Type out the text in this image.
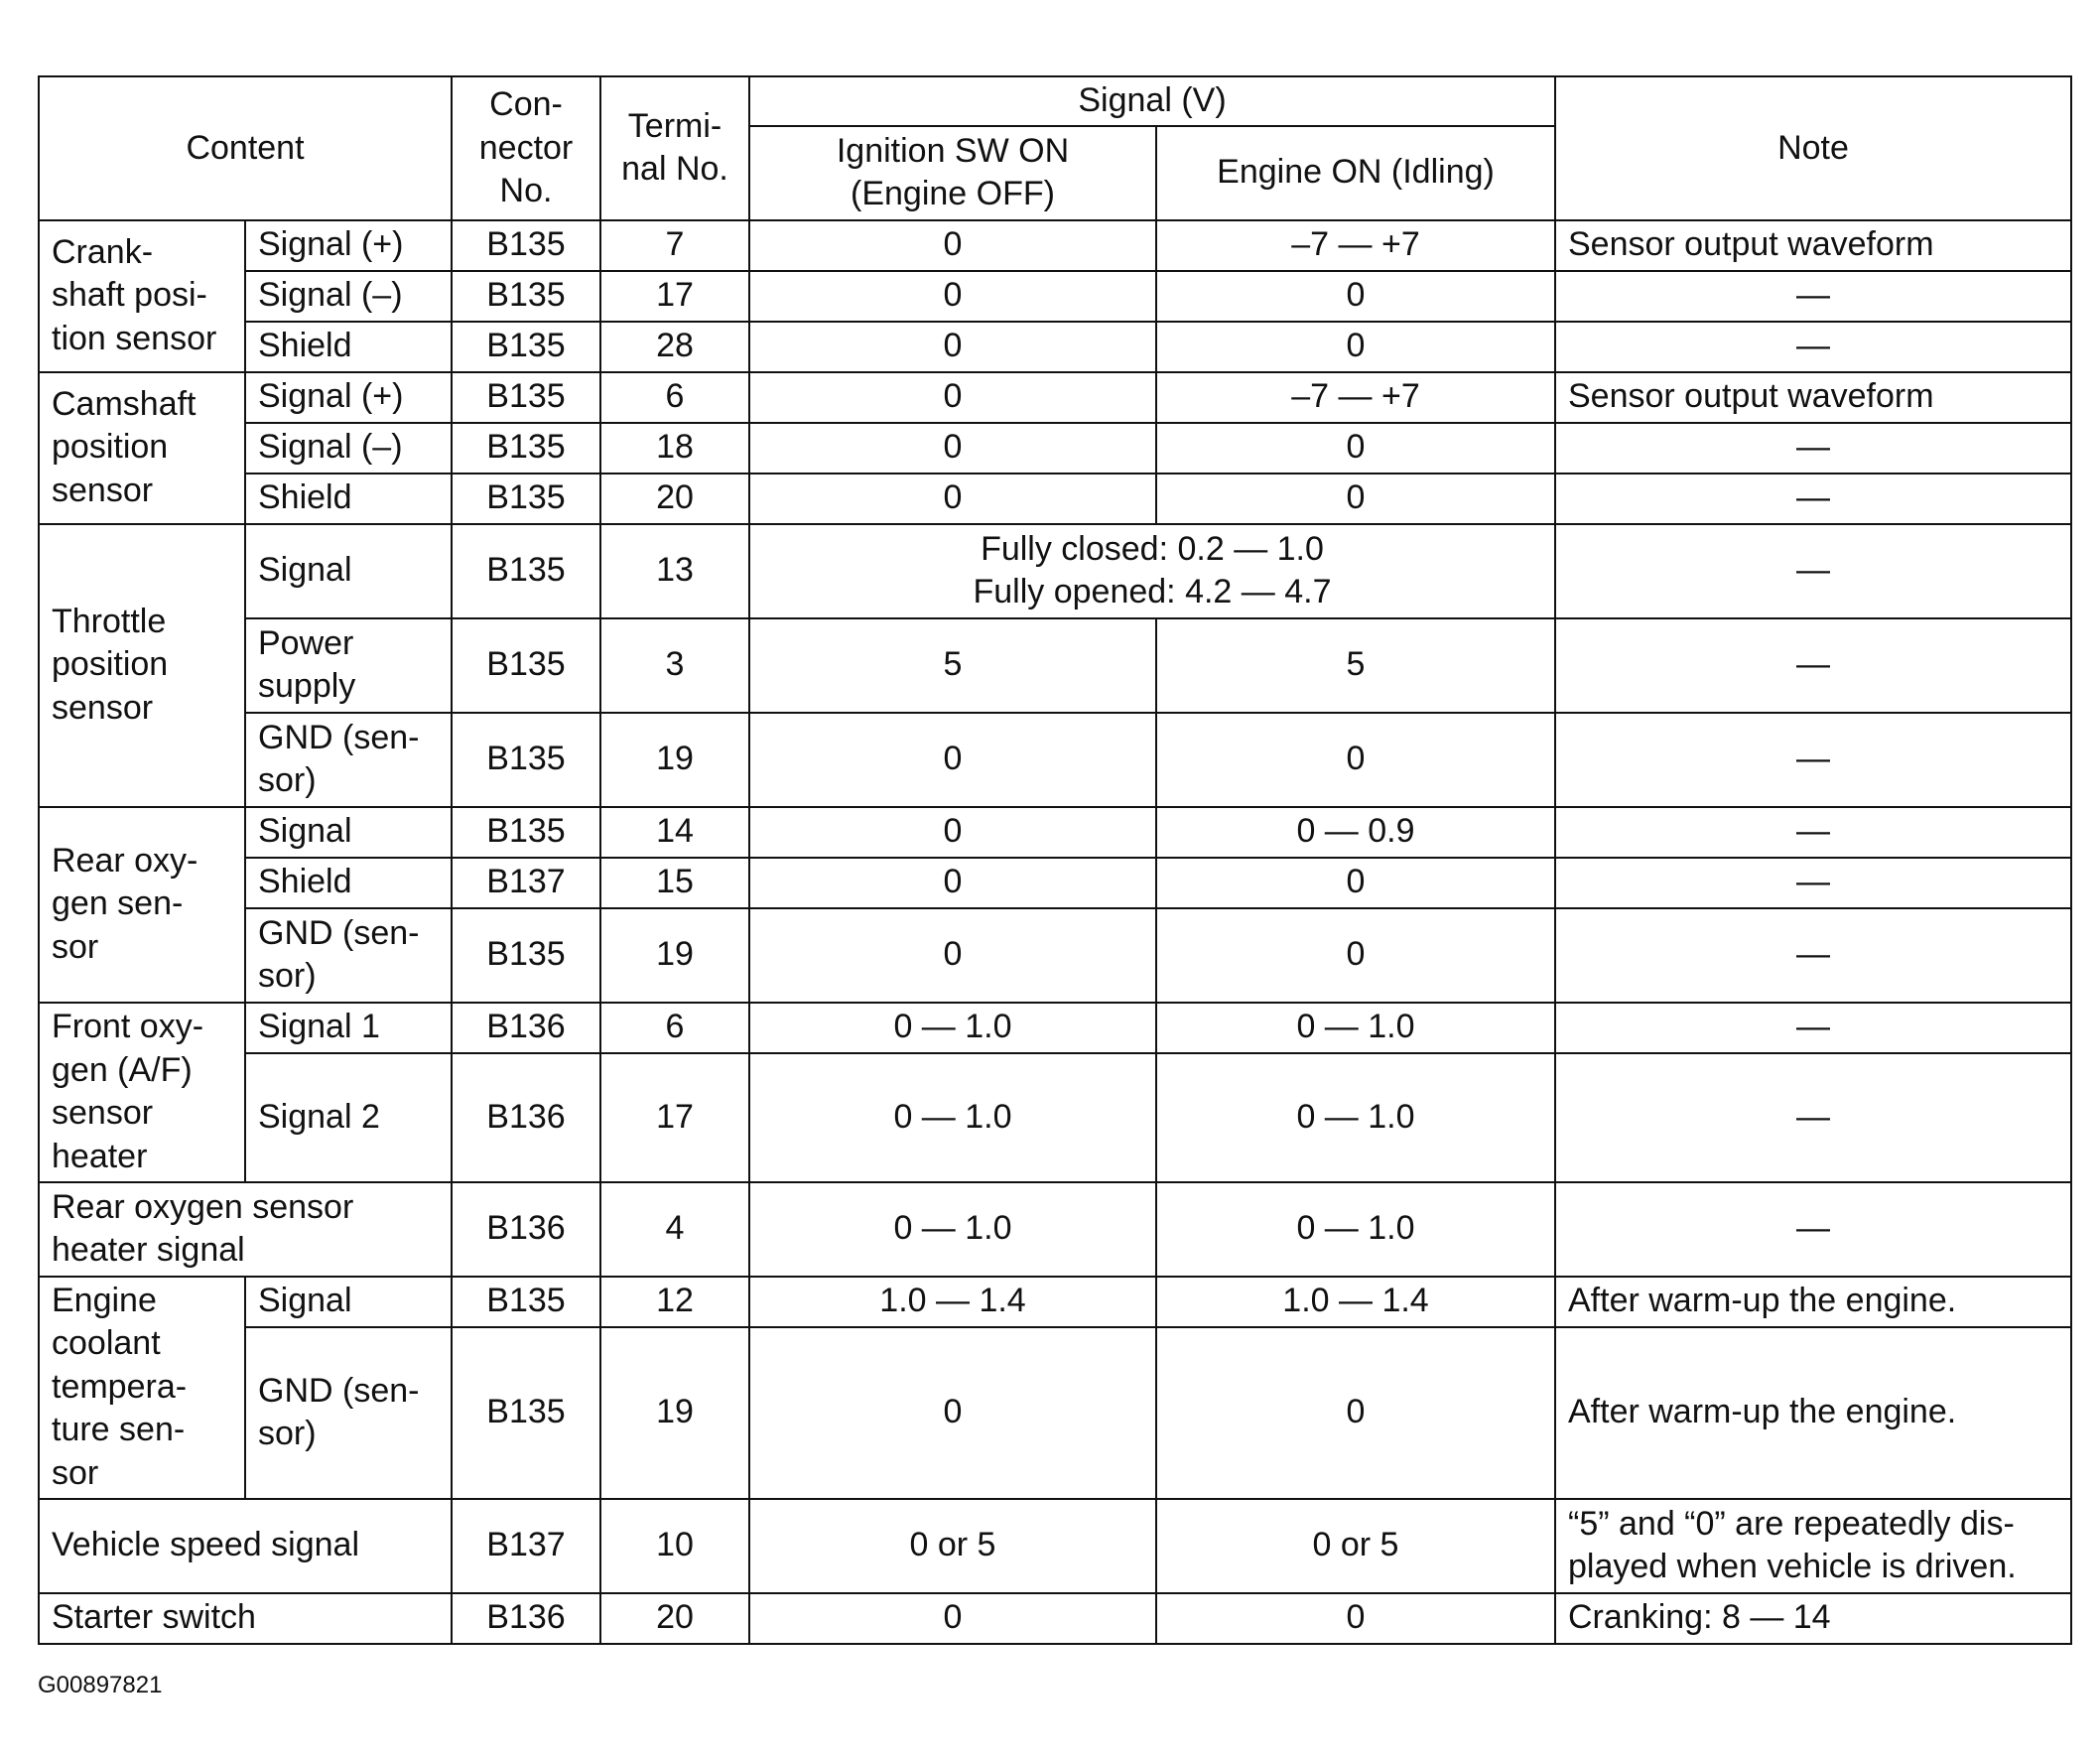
Content		Con-
nector
No.	Termi-
nal No.	Signal (V)		Note
				Ignition SW ON
(Engine OFF)	Engine ON (Idling)	
Crank-
shaft posi-
tion sensor	Signal (+)	B135	7	0	–7 — +7	Sensor output waveform
	Signal (–)	B135	17	0	0	—
	Shield	B135	28	0	0	—
Camshaft
position
sensor	Signal (+)	B135	6	0	–7 — +7	Sensor output waveform
	Signal (–)	B135	18	0	0	—
	Shield	B135	20	0	0	—
Throttle
position
sensor	Signal	B135	13	Fully closed: 0.2 — 1.0
Fully opened: 4.2 — 4.7		—
	Power
supply	B135	3	5	5	—
	GND (sen-
sor)	B135	19	0	0	—
Rear oxy-
gen sen-
sor	Signal	B135	14	0	0 — 0.9	—
	Shield	B137	15	0	0	—
	GND (sen-
sor)	B135	19	0	0	—
Front oxy-
gen (A/F)
sensor
heater	Signal 1	B136	6	0 — 1.0	0 — 1.0	—
	Signal 2	B136	17	0 — 1.0	0 — 1.0	—
Rear oxygen sensor
heater signal		B136	4	0 — 1.0	0 — 1.0	—
Engine
coolant
tempera-
ture sen-
sor	Signal	B135	12	1.0 — 1.4	1.0 — 1.4	After warm-up the engine.
	GND (sen-
sor)	B135	19	0	0	After warm-up the engine.
Vehicle speed signal		B137	10	0 or 5	0 or 5	“5” and “0” are repeatedly dis-
played when vehicle is driven.
Starter switch		B136	20	0	0	Cranking: 8 — 14
G00897821
